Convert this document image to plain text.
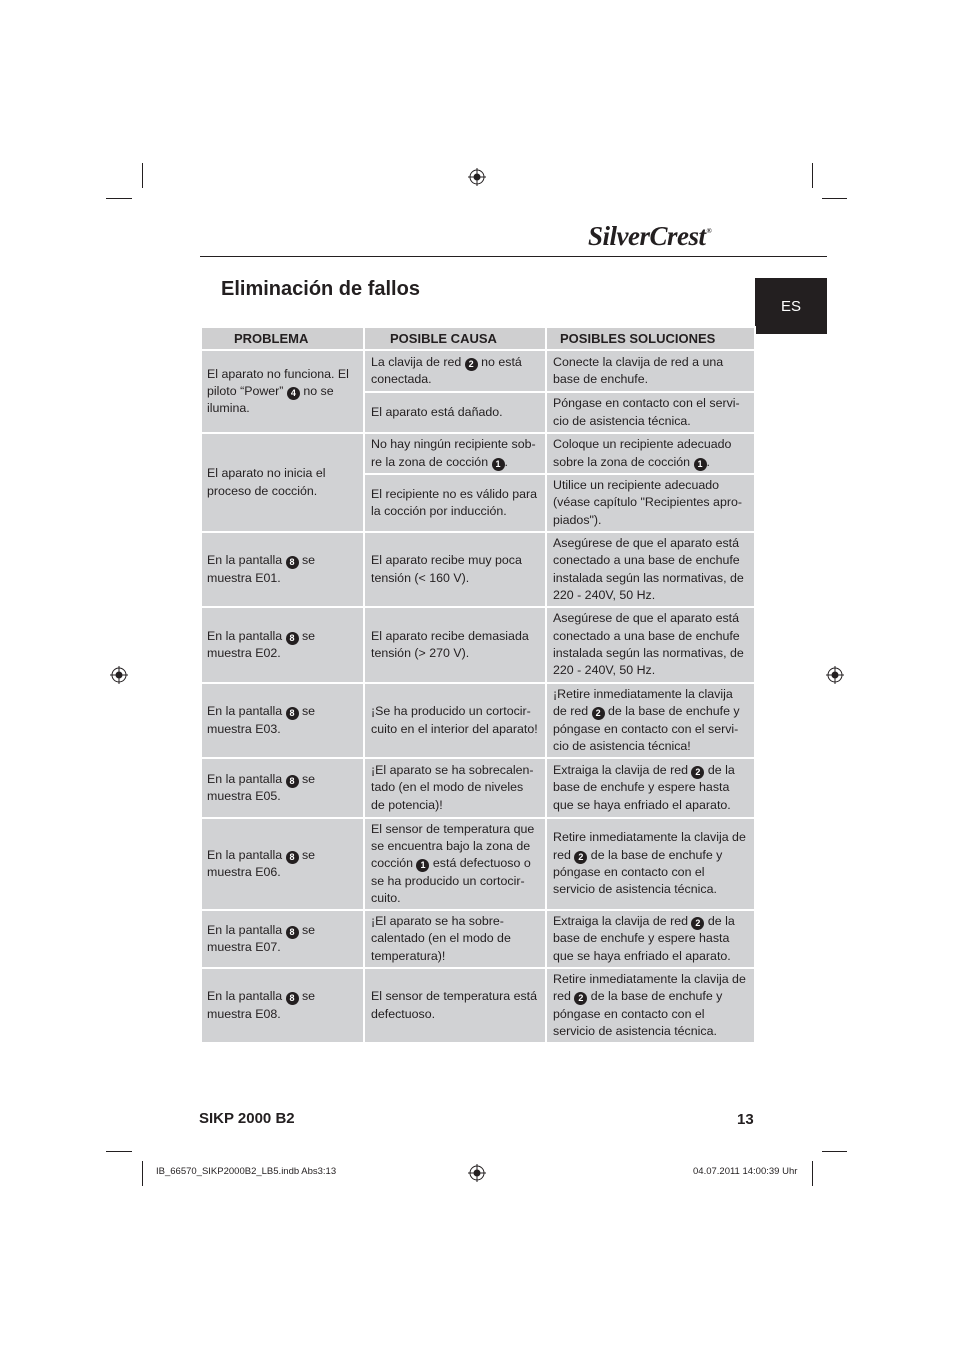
SilverCrest®
Eliminación de fallos
ES
PROBLEMA	POSIBLE CAUSA	POSIBLES SOLUCIONES
El aparato no funciona. El piloto “Power” 4 no se ilumina.	La clavija de red 2 no está conectada.	Conecte la clavija de red a una base de enchufe.
	El aparato está dañado.	Póngase en contacto con el servi-cio de asistencia técnica.
El aparato no inicia el proceso de cocción.	No hay ningún recipiente sob-re la zona de cocción 1 .	Coloque un recipiente adecuado sobre la zona de cocción 1 .
	El recipiente no es válido para la cocción por inducción.	Utilice un recipiente adecuado (véase capítulo "Recipientes apro-piados").
En la pantalla 8 se muestra E01.	El aparato recibe muy poca tensión (< 160 V).	Asegúrese de que el aparato está conectado a una base de enchufe instalada según las normativas, de 220 - 240V, 50 Hz.
En la pantalla 8 se muestra E02.	El aparato recibe demasiada tensión (> 270 V).	Asegúrese de que el aparato está conectado a una base de enchufe instalada según las normativas, de 220 - 240V, 50 Hz.
En la pantalla 8 se muestra E03.	¡Se ha producido un cortocir-cuito en el interior del aparato!	¡Retire inmediatamente la clavija de red 2 de la base de enchufe y póngase en contacto con el servi-cio de asistencia técnica!
En la pantalla 8 se muestra E05.	¡El aparato se ha sobrecalen-tado (en el modo de niveles de potencia)!	Extraiga la clavija de red 2 de la base de enchufe y espere hasta que se haya enfriado el aparato.
En la pantalla 8 se muestra E06.	El sensor de temperatura que se encuentra bajo la zona de cocción 1 está defectuoso o se ha producido un cortocir-cuito.	Retire inmediatamente la clavija de red 2 de la base de enchufe y póngase en contacto con el servicio de asistencia técnica.
En la pantalla 8 se muestra E07.	¡El aparato se ha sobre-calentado (en el modo de temperatura)!	Extraiga la clavija de red 2 de la base de enchufe y espere hasta que se haya enfriado el aparato.
En la pantalla 8 se muestra E08.	El sensor de temperatura está defectuoso.	Retire inmediatamente la clavija de red 2 de la base de enchufe y póngase en contacto con el servicio de asistencia técnica.
SIKP 2000 B2	13
IB_66570_SIKP2000B2_LB5.indb Abs3:13	04.07.2011 14:00:39 Uhr
